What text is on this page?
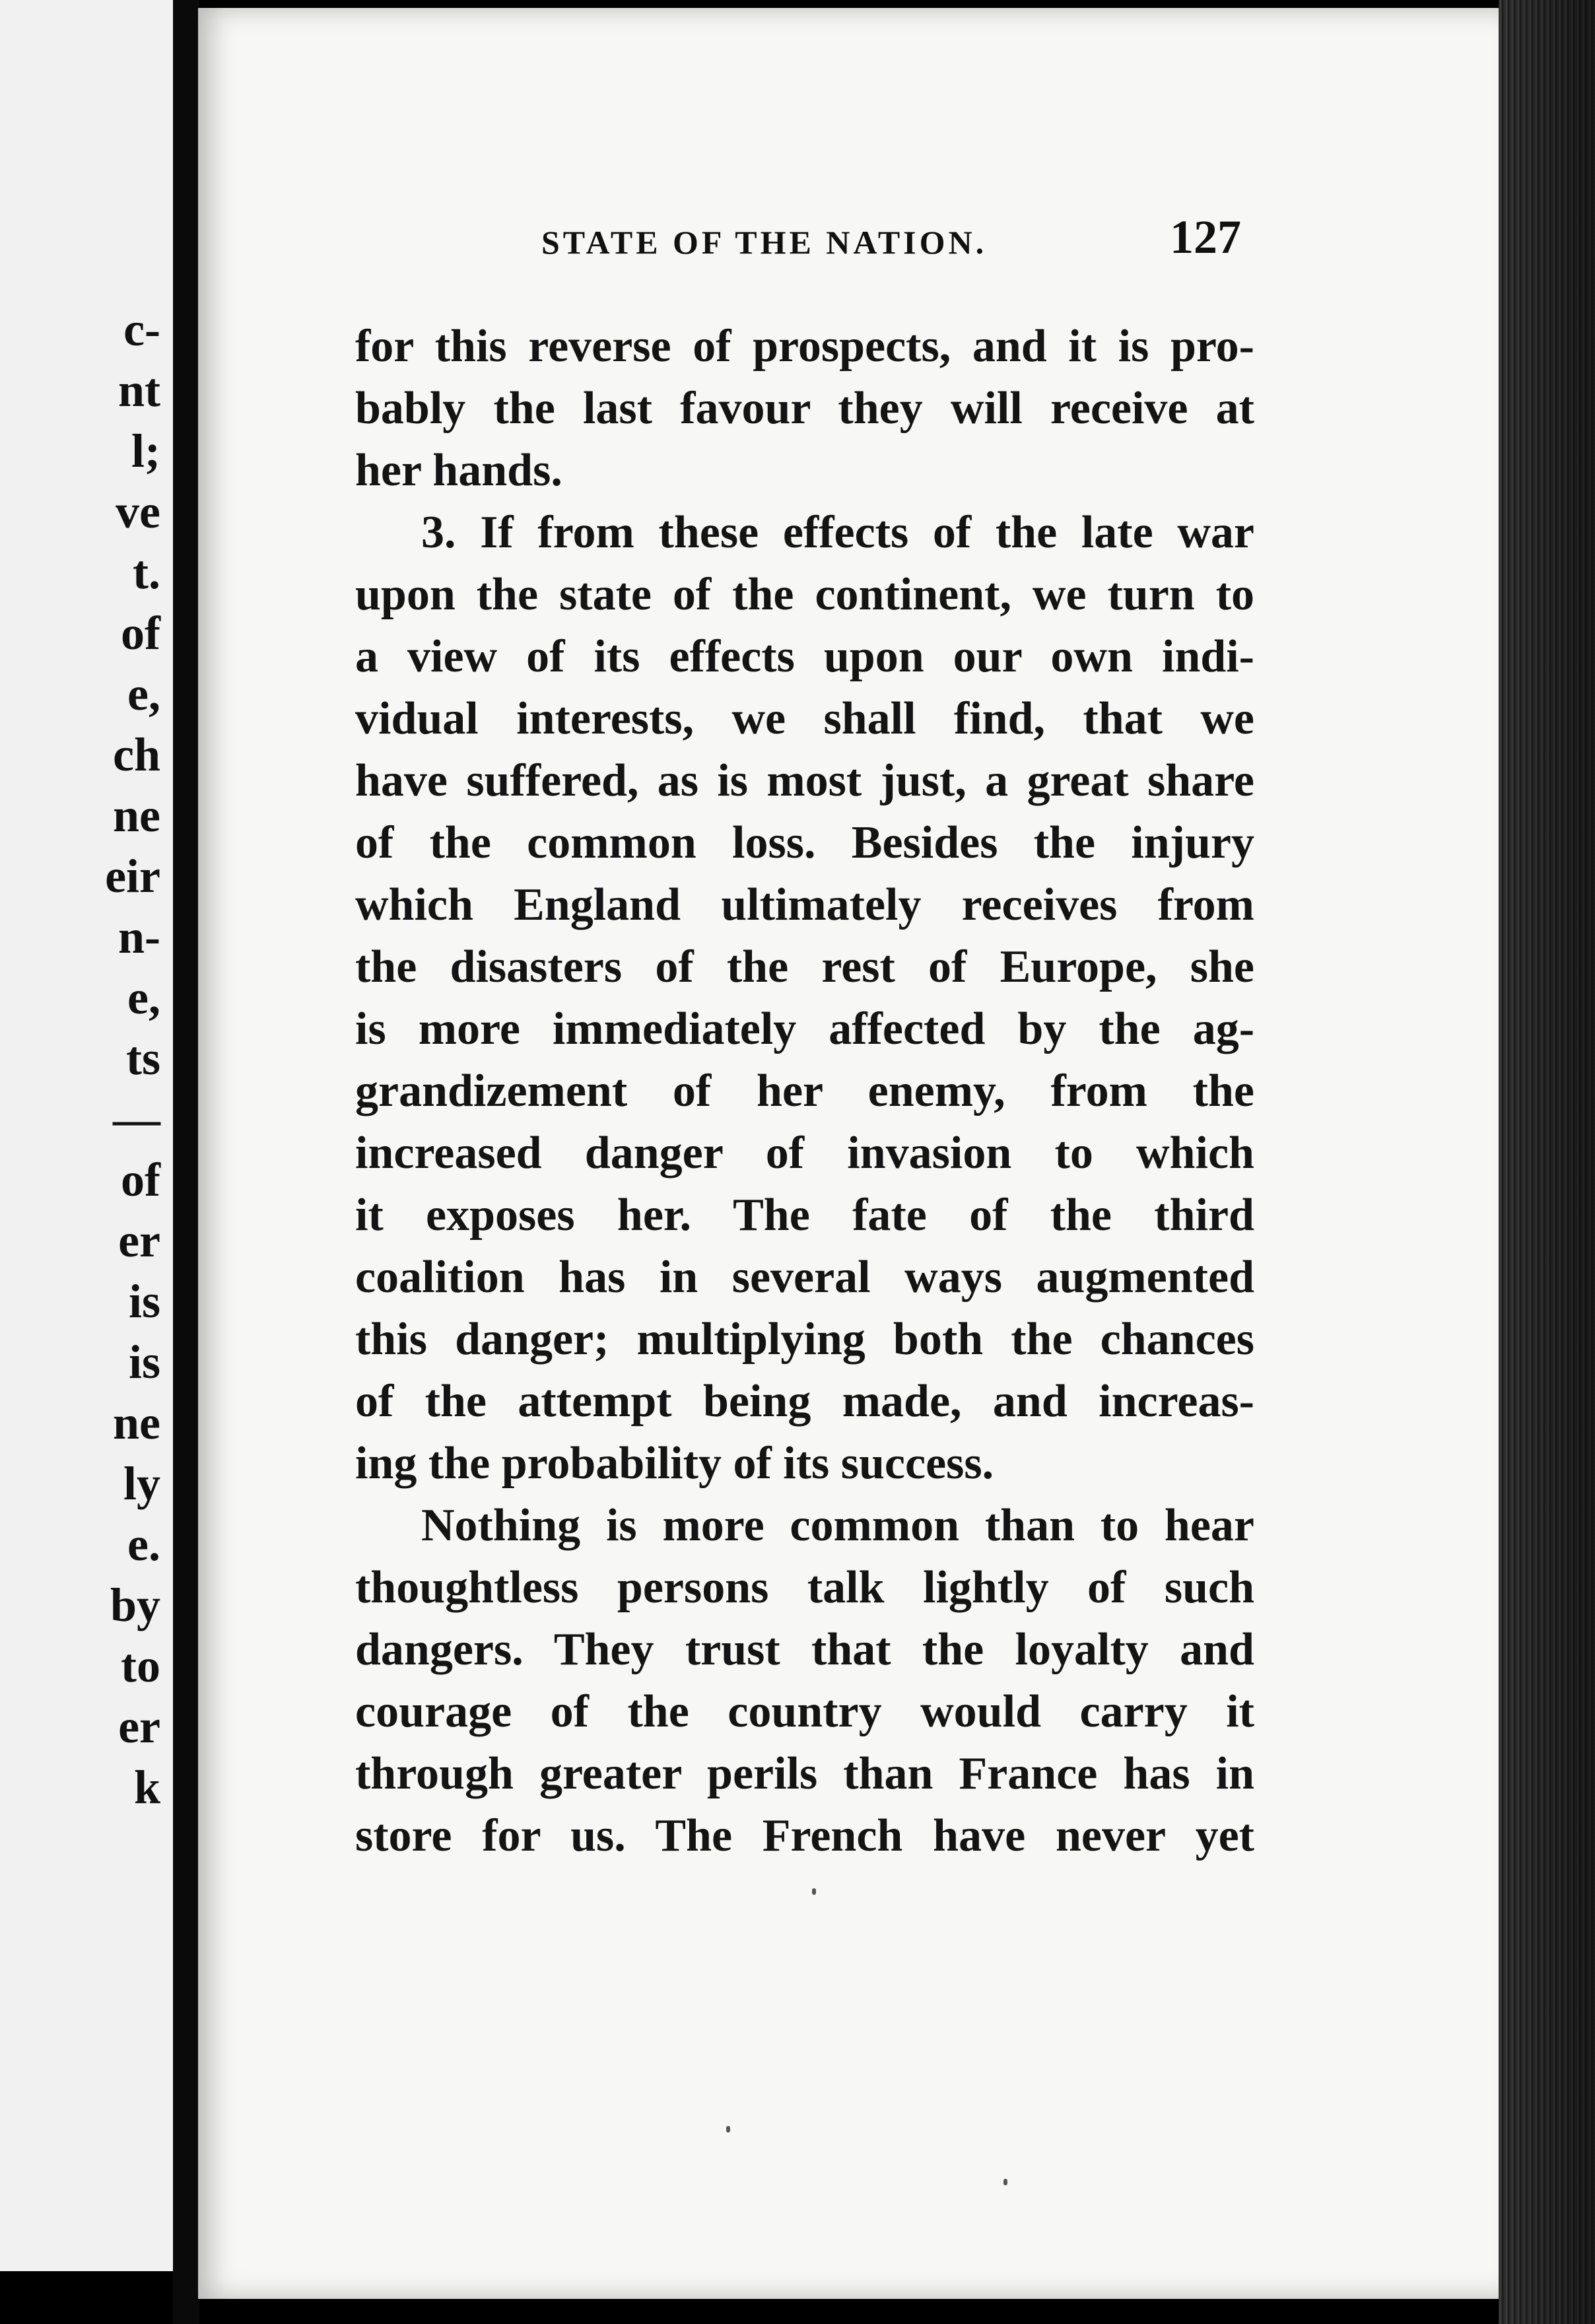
c-
nt
l;
ve
t.
of
e,
ch
ne
eir
n-
e,
ts
—
of
er
is
is
ne
ly
e.
by
to
er
k
STATE OF THE NATION.	127
for this reverse of prospects, and it is pro-
bably the last favour they will receive at
her hands.
3. If from these effects of the late war
upon the state of the continent, we turn to
a view of its effects upon our own indi-
vidual interests, we shall find, that we
have suffered, as is most just, a great share
of the common loss. Besides the injury
which England ultimately receives from
the disasters of the rest of Europe, she
is more immediately affected by the ag-
grandizement of her enemy, from the
increased danger of invasion to which
it exposes her. The fate of the third
coalition has in several ways augmented
this danger; multiplying both the chances
of the attempt being made, and increas-
ing the probability of its success.
Nothing is more common than to hear
thoughtless persons talk lightly of such
dangers. They trust that the loyalty and
courage of the country would carry it
through greater perils than France has in
store for us. The French have never yet
